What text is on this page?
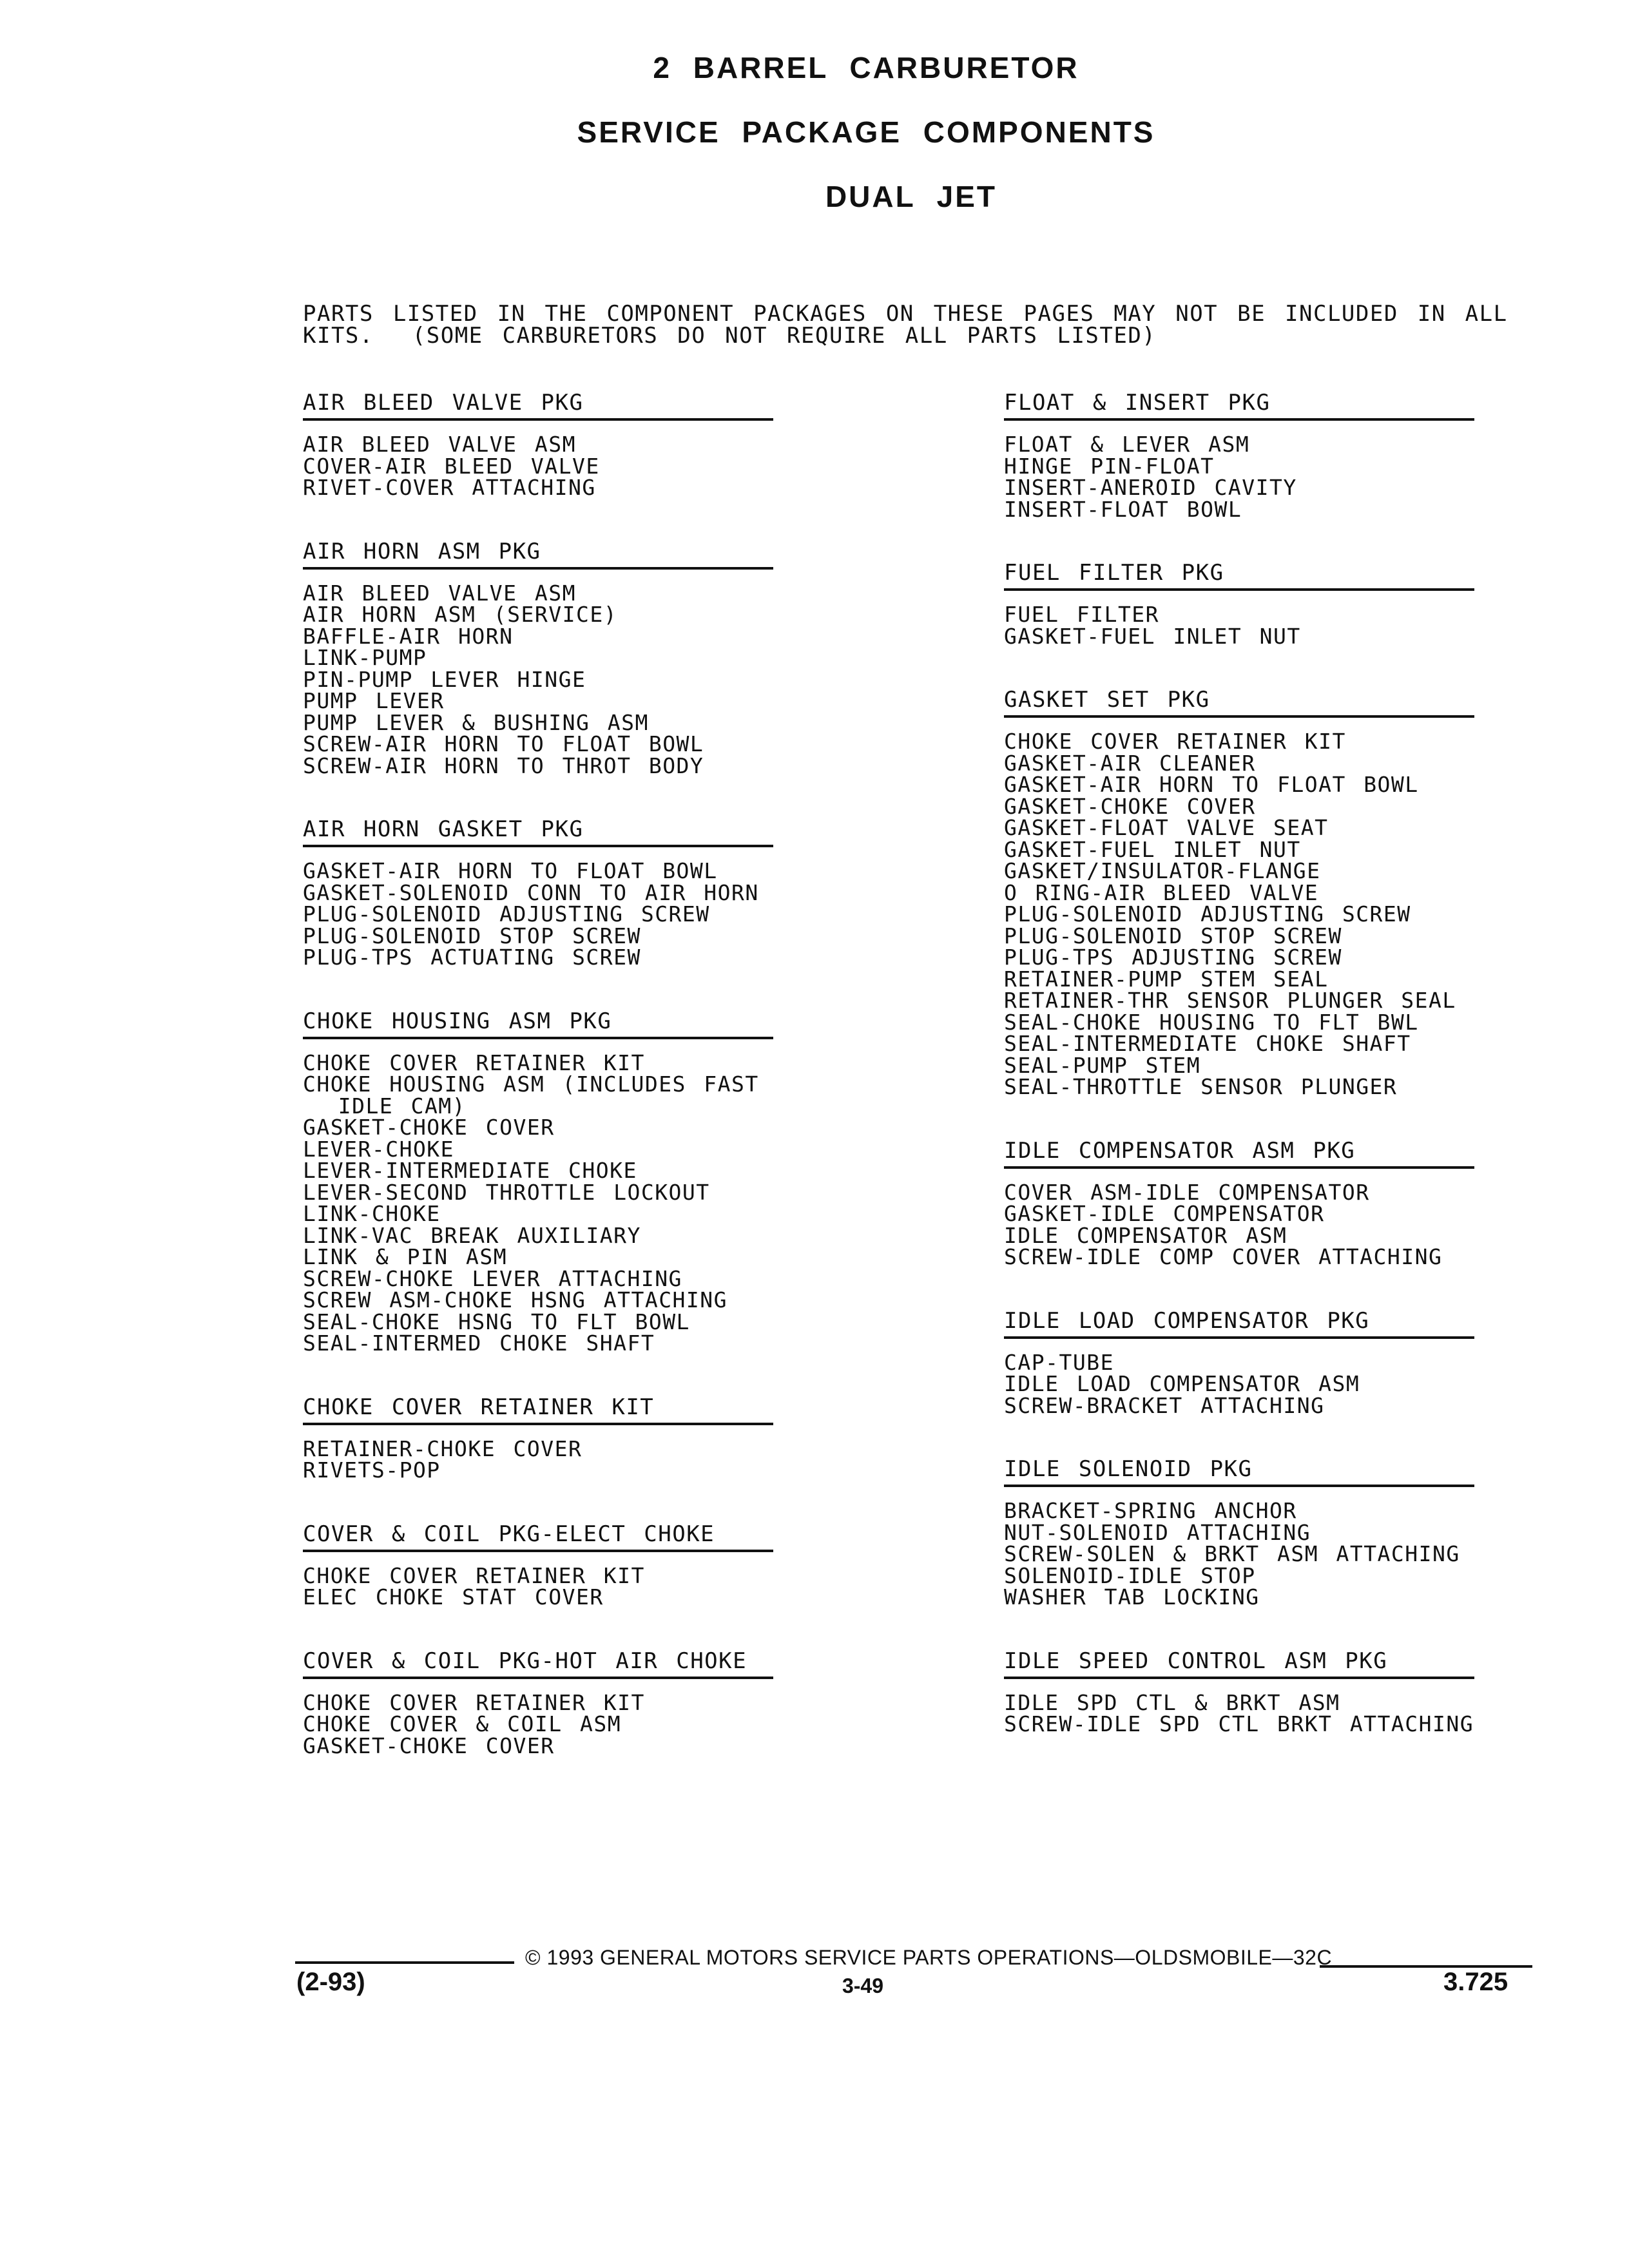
2 BARREL CARBURETOR
SERVICE PACKAGE COMPONENTS
DUAL JET
PARTS LISTED IN THE COMPONENT PACKAGES ON THESE PAGES MAY NOT BE INCLUDED IN ALL KITS.  (SOME CARBURETORS DO NOT REQUIRE ALL PARTS LISTED)
AIR BLEED VALVE PKG
AIR BLEED VALVE ASM
COVER-AIR BLEED VALVE
RIVET-COVER ATTACHING
AIR HORN ASM PKG
AIR BLEED VALVE ASM
AIR HORN ASM (SERVICE)
BAFFLE-AIR HORN
LINK-PUMP
PIN-PUMP LEVER HINGE
PUMP LEVER
PUMP LEVER & BUSHING ASM
SCREW-AIR HORN TO FLOAT BOWL
SCREW-AIR HORN TO THROT BODY
AIR HORN GASKET PKG
GASKET-AIR HORN TO FLOAT BOWL
GASKET-SOLENOID CONN TO AIR HORN
PLUG-SOLENOID ADJUSTING SCREW
PLUG-SOLENOID STOP SCREW
PLUG-TPS ACTUATING SCREW
CHOKE HOUSING ASM PKG
CHOKE COVER RETAINER KIT
CHOKE HOUSING ASM (INCLUDES FAST
IDLE CAM)
GASKET-CHOKE COVER
LEVER-CHOKE
LEVER-INTERMEDIATE CHOKE
LEVER-SECOND THROTTLE LOCKOUT
LINK-CHOKE
LINK-VAC BREAK AUXILIARY
LINK & PIN ASM
SCREW-CHOKE LEVER ATTACHING
SCREW ASM-CHOKE HSNG ATTACHING
SEAL-CHOKE HSNG TO FLT BOWL
SEAL-INTERMED CHOKE SHAFT
CHOKE COVER RETAINER KIT
RETAINER-CHOKE COVER
RIVETS-POP
COVER & COIL PKG-ELECT CHOKE
CHOKE COVER RETAINER KIT
ELEC CHOKE STAT COVER
COVER & COIL PKG-HOT AIR CHOKE
CHOKE COVER RETAINER KIT
CHOKE COVER & COIL ASM
GASKET-CHOKE COVER
FLOAT & INSERT PKG
FLOAT & LEVER ASM
HINGE PIN-FLOAT
INSERT-ANEROID CAVITY
INSERT-FLOAT BOWL
FUEL FILTER PKG
FUEL FILTER
GASKET-FUEL INLET NUT
GASKET SET PKG
CHOKE COVER RETAINER KIT
GASKET-AIR CLEANER
GASKET-AIR HORN TO FLOAT BOWL
GASKET-CHOKE COVER
GASKET-FLOAT VALVE SEAT
GASKET-FUEL INLET NUT
GASKET/INSULATOR-FLANGE
O RING-AIR BLEED VALVE
PLUG-SOLENOID ADJUSTING SCREW
PLUG-SOLENOID STOP SCREW
PLUG-TPS ADJUSTING SCREW
RETAINER-PUMP STEM SEAL
RETAINER-THR SENSOR PLUNGER SEAL
SEAL-CHOKE HOUSING TO FLT BWL
SEAL-INTERMEDIATE CHOKE SHAFT
SEAL-PUMP STEM
SEAL-THROTTLE SENSOR PLUNGER
IDLE COMPENSATOR ASM PKG
COVER ASM-IDLE COMPENSATOR
GASKET-IDLE COMPENSATOR
IDLE COMPENSATOR ASM
SCREW-IDLE COMP COVER ATTACHING
IDLE LOAD COMPENSATOR PKG
CAP-TUBE
IDLE LOAD COMPENSATOR ASM
SCREW-BRACKET ATTACHING
IDLE SOLENOID PKG
BRACKET-SPRING ANCHOR
NUT-SOLENOID ATTACHING
SCREW-SOLEN & BRKT ASM ATTACHING
SOLENOID-IDLE STOP
WASHER TAB LOCKING
IDLE SPEED CONTROL ASM PKG
IDLE SPD CTL & BRKT ASM
SCREW-IDLE SPD CTL BRKT ATTACHING
© 1993 GENERAL MOTORS SERVICE PARTS OPERATIONS—OLDSMOBILE—32C
(2-93)	3-49	3.725
